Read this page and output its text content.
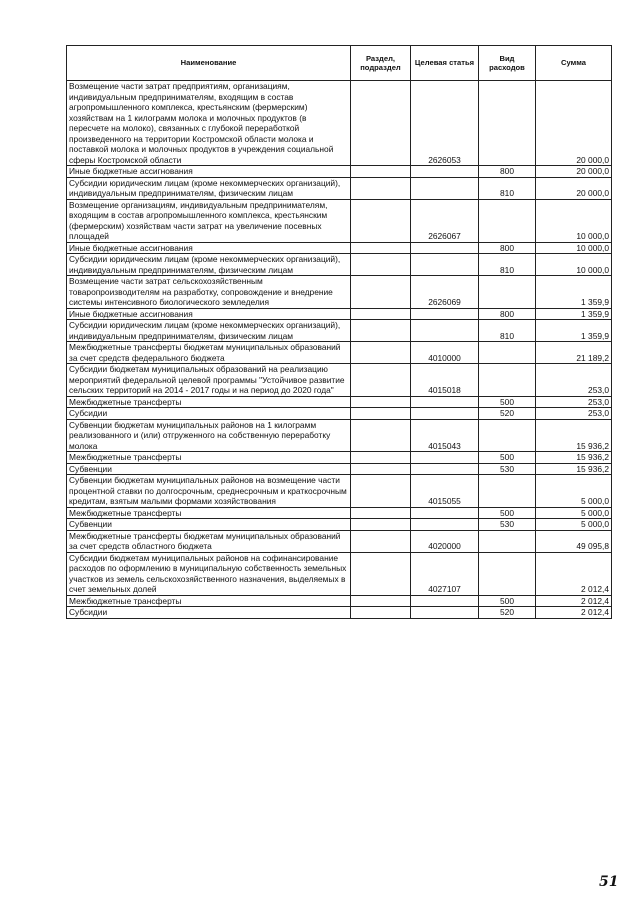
Наименование	Раздел, подраздел	Целевая статья	Вид расходов	Сумма
Возмещение части затрат предприятиям, организациям, индивидуальным предпринимателям, входящим в состав агропромышленного комплекса, крестьянским (фермерским) хозяйствам на 1 килограмм молока и молочных продуктов (в пересчете на молоко), связанных с глубокой переработкой произведенного на территории Костромской области молока и поставкой молока и молочных продуктов в учреждения социальной сферы Костромской области		2626053		20 000,0
Иные бюджетные ассигнования			800	20 000,0
Субсидии юридическим лицам (кроме некоммерческих организаций), индивидуальным предпринимателям, физическим лицам			810	20 000,0
Возмещение организациям, индивидуальным предпринимателям, входящим в состав агропромышленного комплекса, крестьянским (фермерским) хозяйствам части затрат на увеличение посевных площадей		2626067		10 000,0
Иные бюджетные ассигнования			800	10 000,0
Субсидии юридическим лицам (кроме некоммерческих организаций), индивидуальным предпринимателям, физическим лицам			810	10 000,0
Возмещение части затрат сельскохозяйственным товаропроизводителям на разработку, сопровождение и внедрение системы интенсивного биологического земледелия		2626069		1 359,9
Иные бюджетные ассигнования			800	1 359,9
Субсидии юридическим лицам (кроме некоммерческих организаций), индивидуальным предпринимателям, физическим лицам			810	1 359,9
Межбюджетные трансферты бюджетам муниципальных образований за счет средств федерального бюджета		4010000		21 189,2
Субсидии бюджетам муниципальных образований на реализацию мероприятий федеральной целевой программы "Устойчивое развитие сельских территорий на 2014 - 2017 годы и на период до 2020 года"		4015018		253,0
Межбюджетные трансферты			500	253,0
Субсидии			520	253,0
Субвенции бюджетам муниципальных районов на 1 килограмм реализованного и (или) отгруженного на собственную переработку молока		4015043		15 936,2
Межбюджетные трансферты			500	15 936,2
Субвенции			530	15 936,2
Субвенции бюджетам муниципальных районов на возмещение части процентной ставки по долгосрочным, среднесрочным и краткосрочным кредитам, взятым малыми формами хозяйствования		4015055		5 000,0
Межбюджетные трансферты			500	5 000,0
Субвенции			530	5 000,0
Межбюджетные трансферты бюджетам муниципальных образований за счет средств областного бюджета		4020000		49 095,8
Субсидии бюджетам муниципальных районов на софинансирование расходов по оформлению в муниципальную собственность земельных участков из земель сельскохозяйственного назначения, выделяемых в счет земельных долей		4027107		2 012,4
Межбюджетные трансферты			500	2 012,4
Субсидии			520	2 012,4
51
